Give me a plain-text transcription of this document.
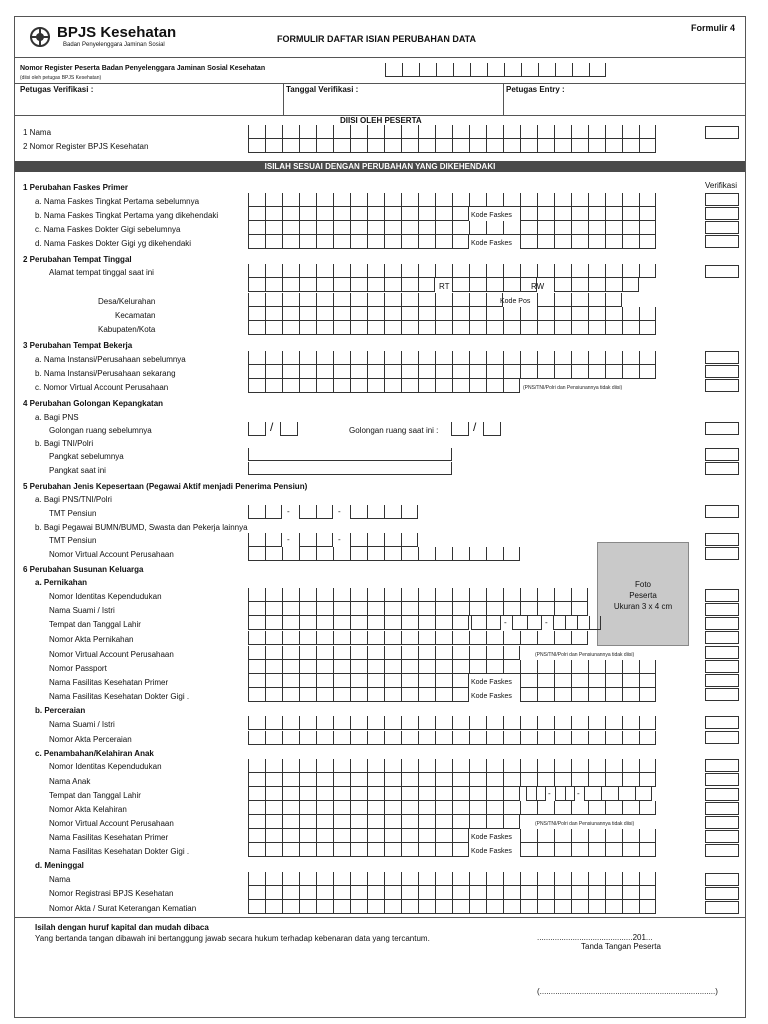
BPJS Kesehatan
Badan Penyelenggara Jaminan Sosial
FORMULIR DAFTAR ISIAN PERUBAHAN DATA
Formulir 4
Nomor Register Peserta Badan Penyelenggara Jaminan Sosial Kesehatan
(diisi oleh petugas BPJS Kesehatan)
Petugas Verifikasi :	Tanggal Verifikasi :	Petugas Entry :
DIISI OLEH PESERTA
1 Nama
2 Nomor Register BPJS Kesehatan
ISILAH SESUAI DENGAN PERUBAHAN YANG DIKEHENDAKI
Verifikasi
1 Perubahan Faskes Primer
a. Nama Faskes Tingkat Pertama sebelumnya
b. Nama Faskes Tingkat Pertama yang dikehendaki	Kode Faskes
c. Nama Faskes Dokter Gigi sebelumnya
d. Nama Faskes Dokter Gigi yg dikehendaki	Kode Faskes
2 Perubahan Tempat Tinggal
Alamat tempat tinggal saat ini
RT	RW
Desa/Kelurahan	Kode Pos
Kecamatan
Kabupaten/Kota
3 Perubahan Tempat Bekerja
a. Nama Instansi/Perusahaan sebelumnya
b. Nama Instansi/Perusahaan sekarang
c. Nomor Virtual Account Perusahaan	(PNS/TNI/Polri dan Pensiunannya tidak diisi)
4 Perubahan Golongan Kepangkatan
a. Bagi PNS
Golongan ruang sebelumnya	/	Golongan ruang saat ini :	/
b. Bagi TNI/Polri
Pangkat sebelumnya
Pangkat saat ini
5 Perubahan Jenis Kepesertaan (Pegawai Aktif menjadi Penerima Pensiun)
a. Bagi PNS/TNI/Polri
TMT Pensiun	-	-
b. Bagi Pegawai BUMN/BUMD, Swasta dan Pekerja lainnya
TMT Pensiun	-	-
Nomor Virtual Account Perusahaan
Foto
Peserta
Ukuran 3 x 4 cm
6 Perubahan Susunan Keluarga
a. Pernikahan
Nomor Identitas Kependudukan
Nama Suami / Istri
Tempat dan Tanggal Lahir	-	-
Nomor Akta Pernikahan
Nomor Virtual Account Perusahaan	(PNS/TNI/Polri dan Pensiunannya tidak diisi)
Nomor Passport
Nama Fasilitas Kesehatan Primer	Kode Faskes
Nama Fasilitas Kesehatan Dokter Gigi .	Kode Faskes
b. Perceraian
Nama Suami / Istri
Nomor Akta Perceraian
c. Penambahan/Kelahiran Anak
Nomor Identitas Kependudukan
Nama Anak
Tempat dan Tanggal Lahir	-	-
Nomor Akta Kelahiran
Nomor Virtual Account Perusahaan	(PNS/TNI/Polri dan Pensiunannya tidak diisi)
Nama Fasilitas Kesehatan Primer	Kode Faskes
Nama Fasilitas Kesehatan Dokter Gigi .	Kode Faskes
d. Meninggal
Nama
Nomor Registrasi BPJS Kesehatan
Nomor Akta / Surat Keterangan Kematian
Isilah dengan huruf kapital dan mudah dibaca
Yang bertanda tangan dibawah ini bertanggung jawab secara hukum terhadap kebenaran data yang tercantum.	...........................................201...
Tanda Tangan Peserta
(...............................................................................)
